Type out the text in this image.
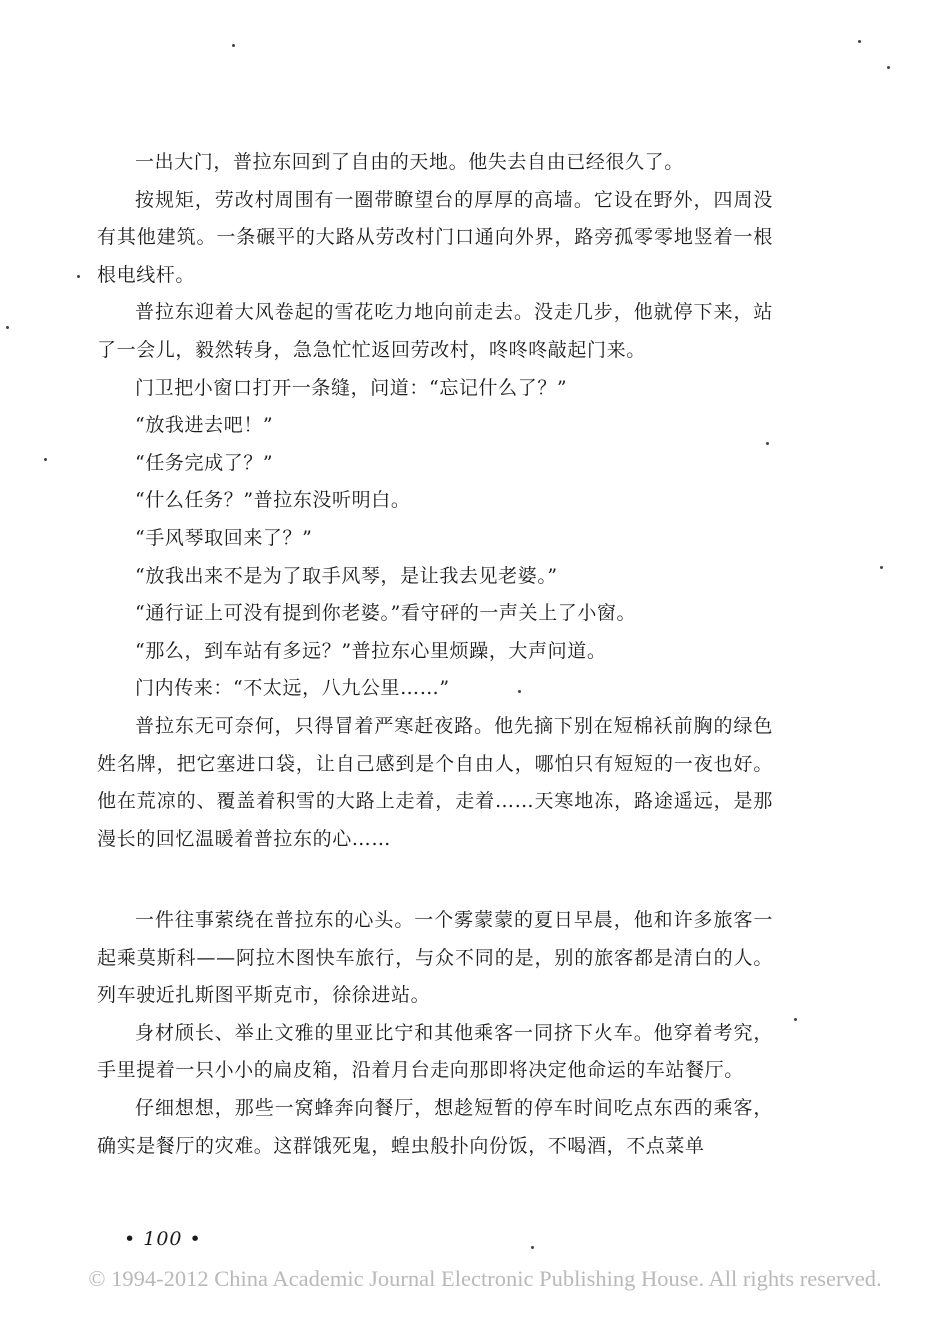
一出大门，普拉东回到了自由的天地。他失去自由已经很久了。

按规矩，劳改村周围有一圈带瞭望台的厚厚的高墙。它设在野外，四周没有其他建筑。一条碾平的大路从劳改村门口通向外界，路旁孤零零地竖着一根根电线杆。

普拉东迎着大风卷起的雪花吃力地向前走去。没走几步，他就停下来，站了一会儿，毅然转身，急急忙忙返回劳改村，咚咚咚敲起门来。

门卫把小窗口打开一条缝，问道：“忘记什么了？”

“放我进去吧！”

“任务完成了？”

“什么任务？”普拉东没听明白。

“手风琴取回来了？”

“放我出来不是为了取手风琴，是让我去见老婆。”

“通行证上可没有提到你老婆。”看守砰的一声关上了小窗。

“那么，到车站有多远？”普拉东心里烦躁，大声问道。

门内传来：“不太远，八九公里……”

普拉东无可奈何，只得冒着严寒赶夜路。他先摘下别在短棉袄前胸的绿色姓名牌，把它塞进口袋，让自己感到是个自由人，哪怕只有短短的一夜也好。他在荒凉的、覆盖着积雪的大路上走着，走着……天寒地冻，路途遥远，是那漫长的回忆温暖着普拉东的心……

一件往事萦绕在普拉东的心头。一个雾蒙蒙的夏日早晨，他和许多旅客一起乘莫斯科——阿拉木图快车旅行，与众不同的是，别的旅客都是清白的人。列车驶近扎斯图平斯克市，徐徐进站。

身材颀长、举止文雅的里亚比宁和其他乘客一同挤下火车。他穿着考究，手里提着一只小小的扁皮箱，沿着月台走向那即将决定他命运的车站餐厅。

仔细想想，那些一窝蜂奔向餐厅，想趁短暂的停车时间吃点东西的乘客，确实是餐厅的灾难。这群饿死鬼，蝗虫般扑向份饭，不喝酒，不点菜单

• 100 •
© 1994-2012 China Academic Journal Electronic Publishing House. All rights reserved.
